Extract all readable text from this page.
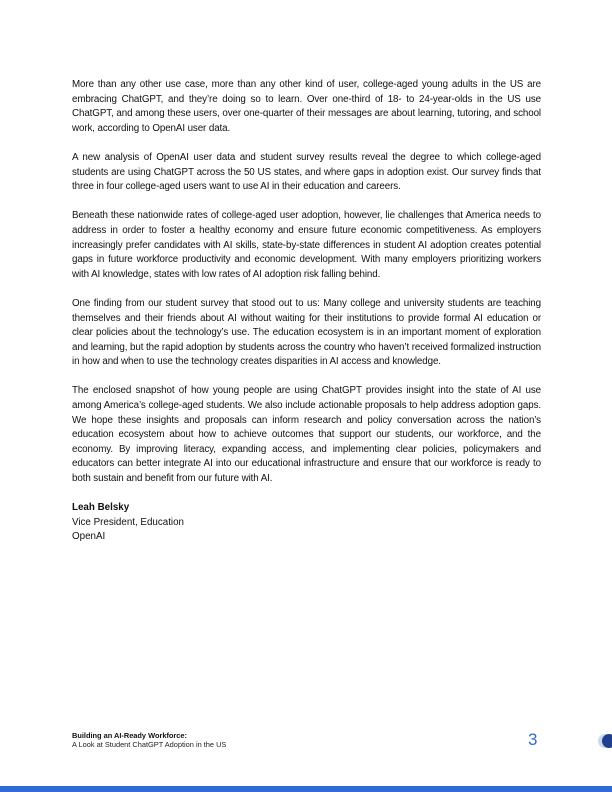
More than any other use case, more than any other kind of user, college-aged young adults in the US are embracing ChatGPT, and they’re doing so to learn. Over one-third of 18- to 24-year-olds in the US use ChatGPT, and among these users, over one-quarter of their messages are about learning, tutoring, and school work, according to OpenAI user data.

A new analysis of OpenAI user data and student survey results reveal the degree to which college-aged students are using ChatGPT across the 50 US states, and where gaps in adoption exist. Our survey finds that three in four college-aged users want to use AI in their education and careers.

Beneath these nationwide rates of college-aged user adoption, however, lie challenges that America needs to address in order to foster a healthy economy and ensure future economic competitiveness. As employers increasingly prefer candidates with AI skills, state-by-state differences in student AI adoption creates potential gaps in future workforce productivity and economic development. With many employers prioritizing workers with AI knowledge, states with low rates of AI adoption risk falling behind.

One finding from our student survey that stood out to us: Many college and university students are teaching themselves and their friends about AI without waiting for their institutions to provide formal AI education or clear policies about the technology’s use. The education ecosystem is in an important moment of exploration and learning, but the rapid adoption by students across the country who haven’t received formalized instruction in how and when to use the technology creates disparities in AI access and knowledge.

The enclosed snapshot of how young people are using ChatGPT provides insight into the state of AI use among America’s college-aged students. We also include actionable proposals to help address adoption gaps. We hope these insights and proposals can inform research and policy conversation across the nation’s education ecosystem about how to achieve outcomes that support our students, our workforce, and the economy. By improving literacy, expanding access, and implementing clear policies, policymakers and educators can better integrate AI into our educational infrastructure and ensure that our workforce is ready to both sustain and benefit from our future with AI.

Leah Belsky
Vice President, Education
OpenAI
Building an AI-Ready Workforce:
A Look at Student ChatGPT Adoption in the US	3
